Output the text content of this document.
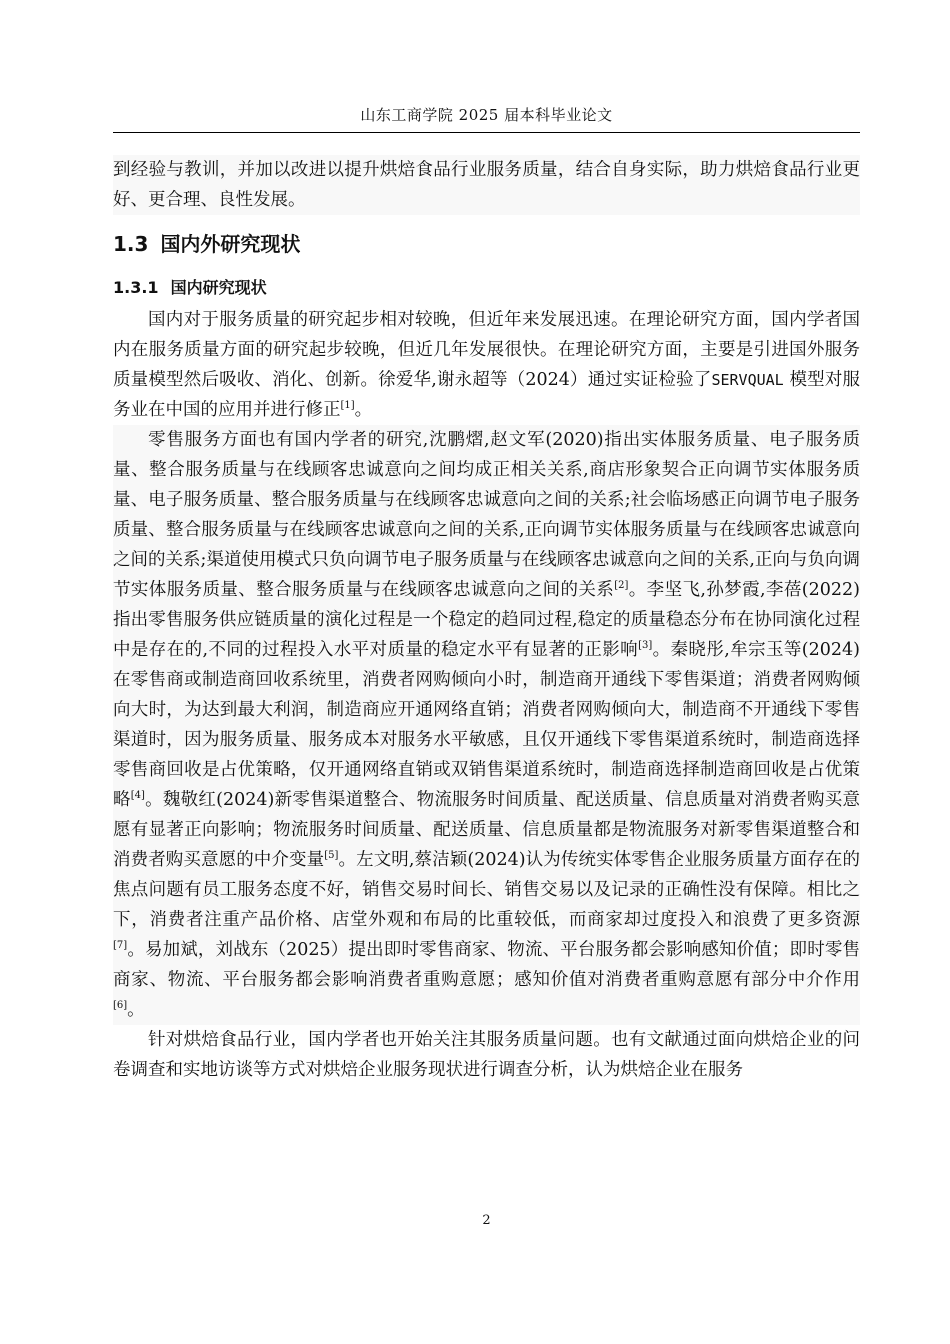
山东工商学院 2025 届本科毕业论文

到经验与教训，并加以改进以提升烘焙食品行业服务质量，结合自身实际，助力烘焙食品行业更好、更合理、良性发展。

1.3 国内外研究现状
1.3.1 国内研究现状

国内对于服务质量的研究起步相对较晚，但近年来发展迅速。在理论研究方面，国内学者国内在服务质量方面的研究起步较晚，但近几年发展很快。在理论研究方面，主要是引进国外服务质量模型然后吸收、消化、创新。徐爱华,谢永超等（2024）通过实证检验了SERVQUAL 模型对服务业在中国的应用并进行修正[1]。

零售服务方面也有国内学者的研究,沈鹏熠,赵文军(2020)指出实体服务质量、电子服务质量、整合服务质量与在线顾客忠诚意向之间均成正相关关系,商店形象契合正向调节实体服务质量、电子服务质量、整合服务质量与在线顾客忠诚意向之间的关系;社会临场感正向调节电子服务质量、整合服务质量与在线顾客忠诚意向之间的关系,正向调节实体服务质量与在线顾客忠诚意向之间的关系;渠道使用模式只负向调节电子服务质量与在线顾客忠诚意向之间的关系,正向与负向调节实体服务质量、整合服务质量与在线顾客忠诚意向之间的关系[2]。李坚飞,孙梦霞,李蓓(2022)指出零售服务供应链质量的演化过程是一个稳定的趋同过程,稳定的质量稳态分布在协同演化过程中是存在的,不同的过程投入水平对质量的稳定水平有显著的正影响[3]。秦晓彤,牟宗玉等(2024)在零售商或制造商回收系统里，消费者网购倾向小时，制造商开通线下零售渠道；消费者网购倾向大时，为达到最大利润，制造商应开通网络直销；消费者网购倾向大，制造商不开通线下零售渠道时，因为服务质量、服务成本对服务水平敏感，且仅开通线下零售渠道系统时，制造商选择零售商回收是占优策略，仅开通网络直销或双销售渠道系统时，制造商选择制造商回收是占优策略[4]。魏敬红(2024)新零售渠道整合、物流服务时间质量、配送质量、信息质量对消费者购买意愿有显著正向影响；物流服务时间质量、配送质量、信息质量都是物流服务对新零售渠道整合和消费者购买意愿的中介变量[5]。左文明,蔡洁颖(2024)认为传统实体零售企业服务质量方面存在的焦点问题有员工服务态度不好，销售交易时间长、销售交易以及记录的正确性没有保障。相比之下，消费者注重产品价格、店堂外观和布局的比重较低，而商家却过度投入和浪费了更多资源[7]。易加斌，刘战东（2025）提出即时零售商家、物流、平台服务都会影响感知价值；即时零售商家、物流、平台服务都会影响消费者重购意愿；感知价值对消费者重购意愿有部分中介作用[6]。

针对烘焙食品行业，国内学者也开始关注其服务质量问题。也有文献通过面向烘焙企业的问卷调查和实地访谈等方式对烘焙企业服务现状进行调查分析，认为烘焙企业在服务

2
